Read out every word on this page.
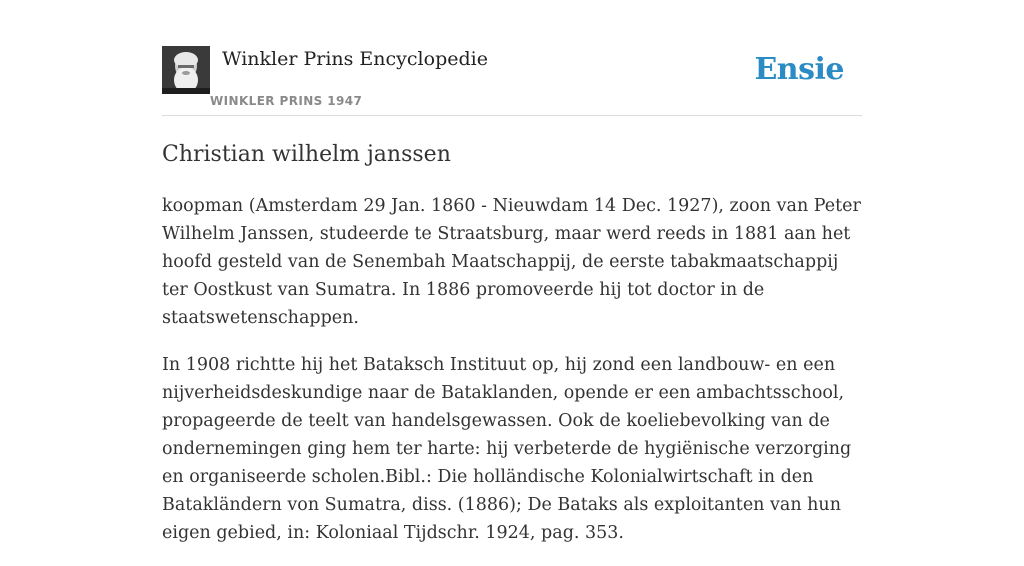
Winkler Prins Encyclopedie
WINKLER PRINS 1947
Ensie
Christian wilhelm janssen

koopman (Amsterdam 29 Jan. 1860 - Nieuwdam 14 Dec. 1927), zoon van Peter Wilhelm Janssen, studeerde te Straatsburg, maar werd reeds in 1881 aan het hoofd gesteld van de Senembah Maatschappij, de eerste tabakmaatschappij ter Oostkust van Sumatra. In 1886 promoveerde hij tot doctor in de staatswetenschappen.

In 1908 richtte hij het Bataksch Instituut op, hij zond een landbouw- en een nijverheidsdeskundige naar de Bataklanden, opende er een ambachtsschool, propageerde de teelt van handelsgewassen. Ook de koeliebevolking van de ondernemingen ging hem ter harte: hij verbeterde de hygiënische verzorging en organiseerde scholen.Bibl.: Die holländische Kolonialwirtschaft in den Batakländern von Sumatra, diss. (1886); De Bataks als exploitanten van hun eigen gebied, in: Koloniaal Tijdschr. 1924, pag. 353.
